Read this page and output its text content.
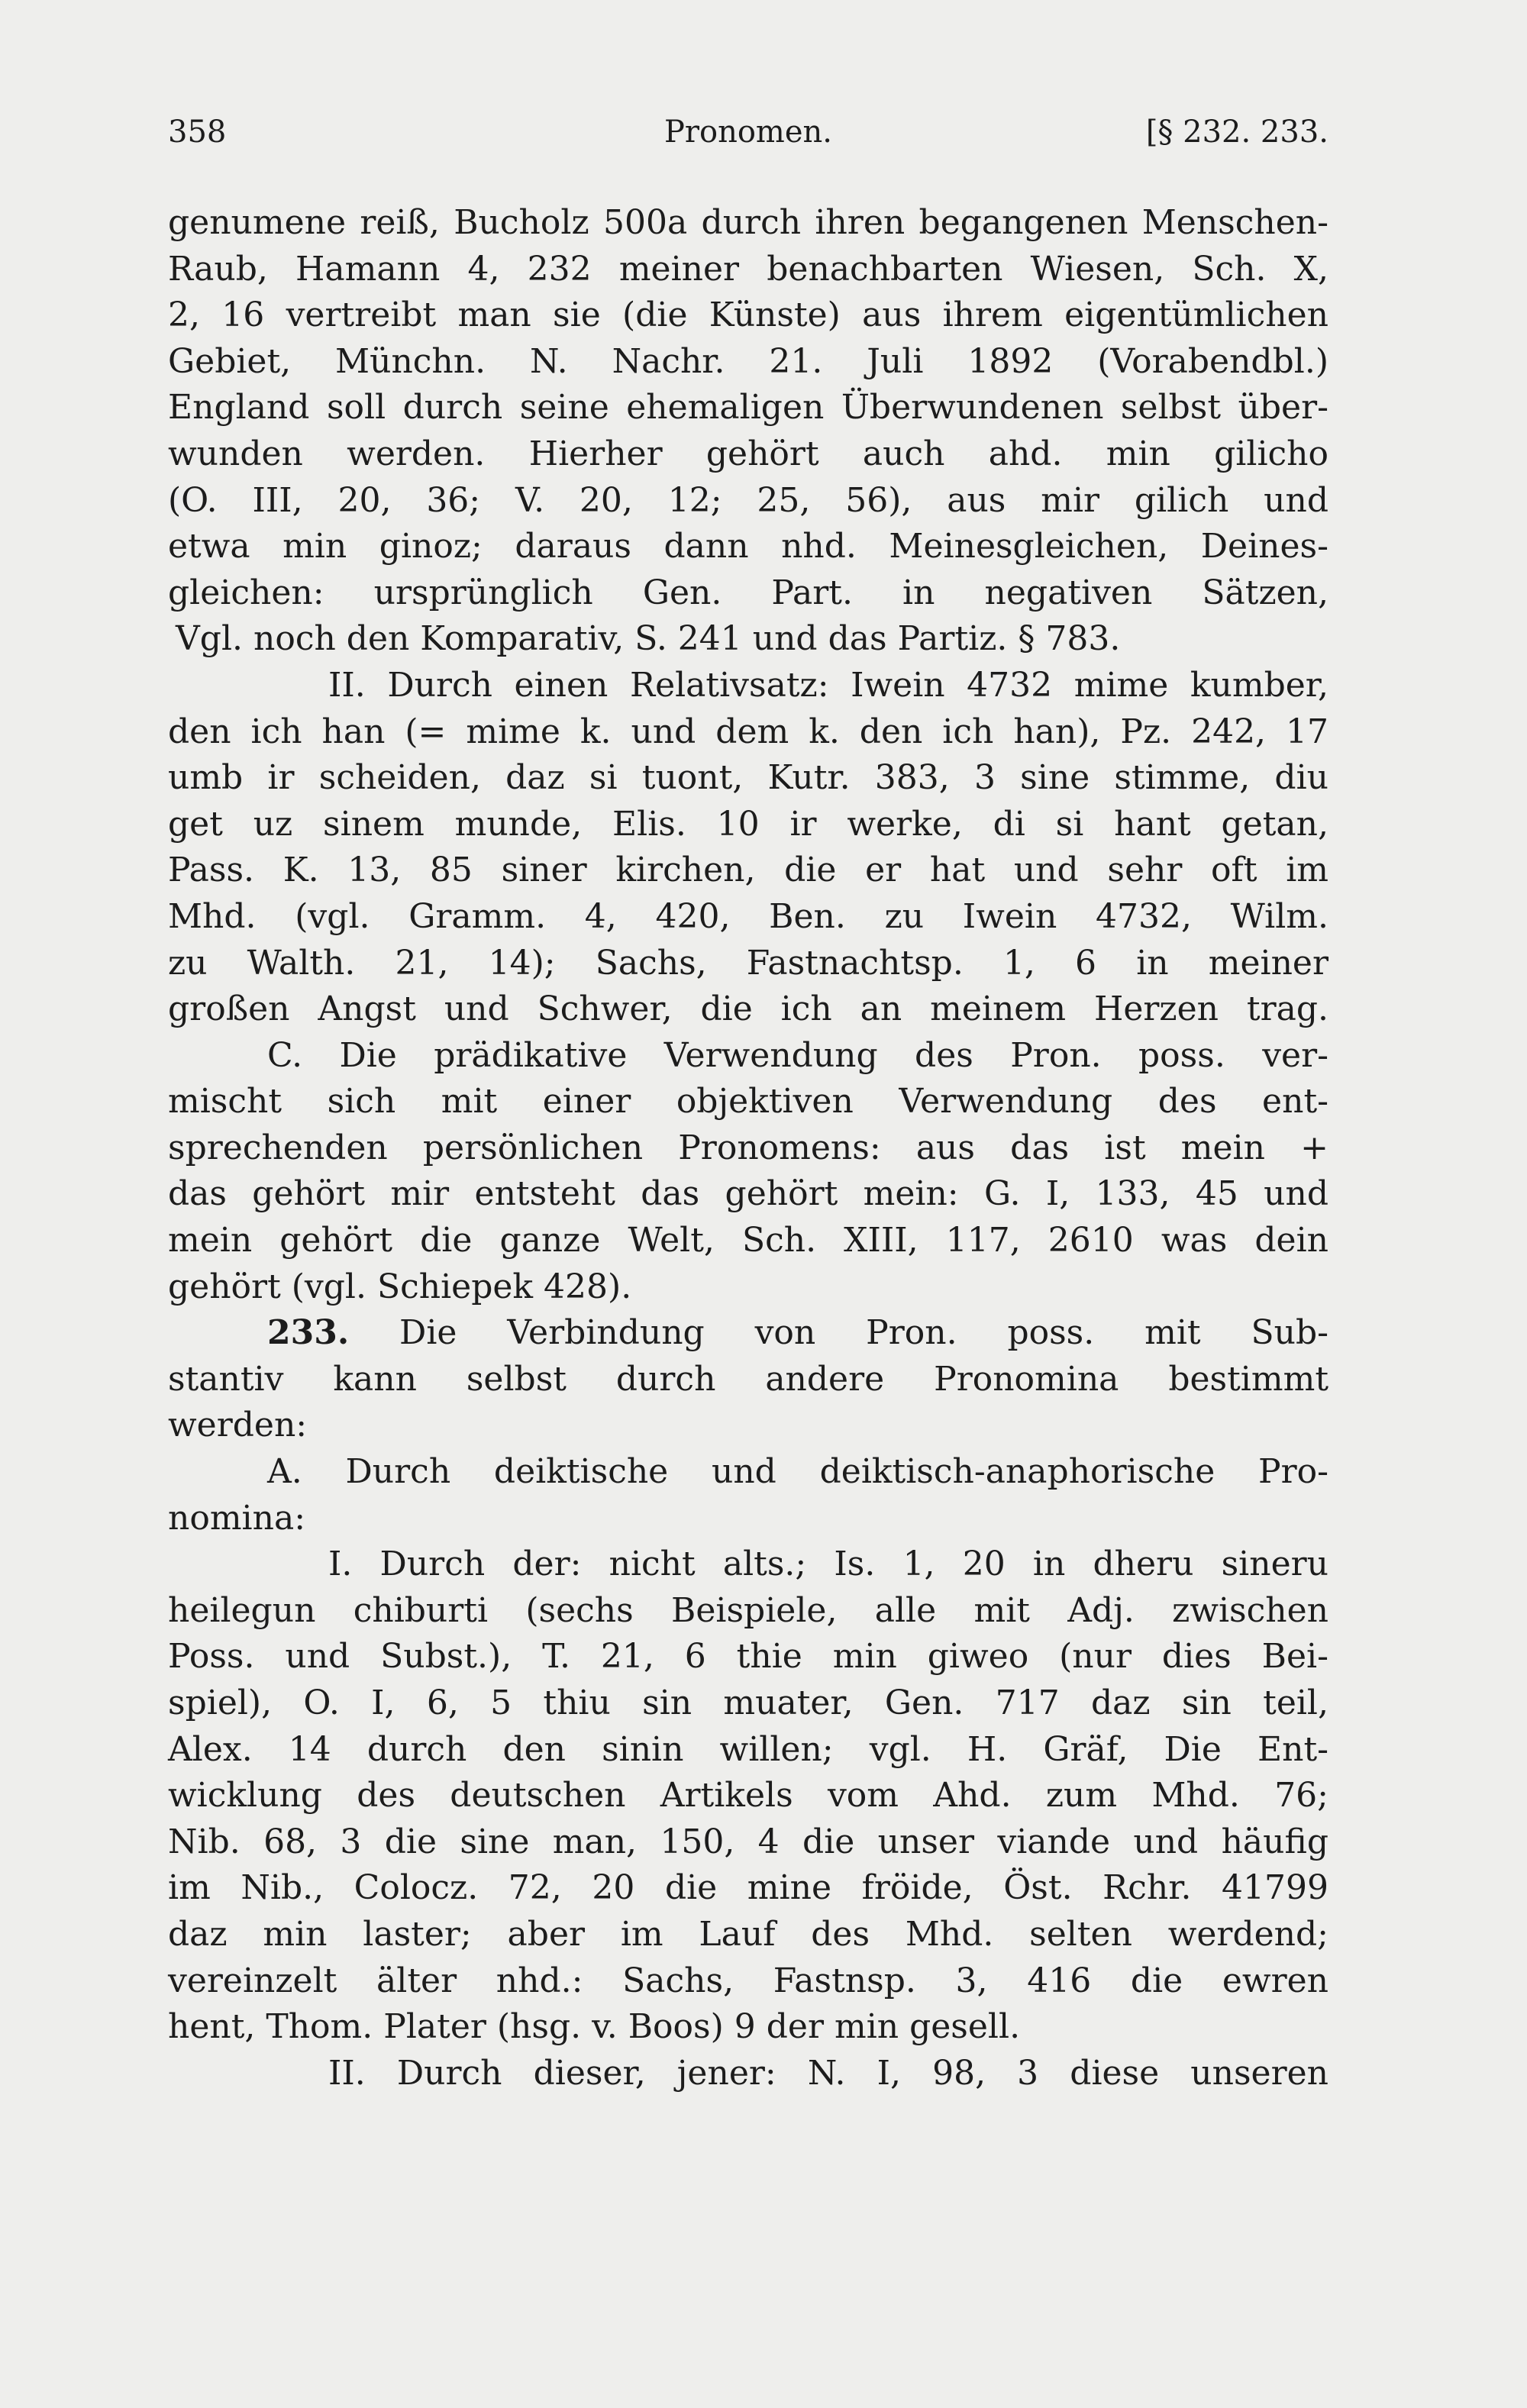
358	Pronomen.	[§ 232. 233.
genumene reiß, Bucholz 500a durch ihren begangenen Menschen-
Raub, Hamann 4, 232 meiner benachbarten Wiesen, Sch. X,
2, 16 vertreibt man sie (die Künste) aus ihrem eigentümlichen
Gebiet, Münchn. N. Nachr. 21. Juli 1892 (Vorabendbl.)
England soll durch seine ehemaligen Überwundenen selbst über-
wunden werden. Hierher gehört auch ahd. min gilicho
(O. III, 20, 36; V. 20, 12; 25, 56), aus mir gilich und
etwa min ginoz; daraus dann nhd. Meinesgleichen, Deines-
gleichen: ursprünglich Gen. Part. in negativen Sätzen,
Vgl. noch den Komparativ, S. 241 und das Partiz. § 783.
II. Durch einen Relativsatz: Iwein 4732 mime kumber,
den ich han (= mime k. und dem k. den ich han), Pz. 242, 17
umb ir scheiden, daz si tuont, Kutr. 383, 3 sine stimme, diu
get uz sinem munde, Elis. 10 ir werke, di si hant getan,
Pass. K. 13, 85 siner kirchen, die er hat und sehr oft im
Mhd. (vgl. Gramm. 4, 420, Ben. zu Iwein 4732, Wilm.
zu Walth. 21, 14); Sachs, Fastnachtsp. 1, 6 in meiner
großen Angst und Schwer, die ich an meinem Herzen trag.
C. Die prädikative Verwendung des Pron. poss. ver-
mischt sich mit einer objektiven Verwendung des ent-
sprechenden persönlichen Pronomens: aus das ist mein +
das gehört mir entsteht das gehört mein: G. I, 133, 45 und
mein gehört die ganze Welt, Sch. XIII, 117, 2610 was dein
gehört (vgl. Schiepek 428).
233. Die Verbindung von Pron. poss. mit Sub-
stantiv kann selbst durch andere Pronomina bestimmt
werden:
A. Durch deiktische und deiktisch-anaphorische Pro-
nomina:
I. Durch der: nicht alts.; Is. 1, 20 in dheru sineru
heilegun chiburti (sechs Beispiele, alle mit Adj. zwischen
Poss. und Subst.), T. 21, 6 thie min giweo (nur dies Bei-
spiel), O. I, 6, 5 thiu sin muater, Gen. 717 daz sin teil,
Alex. 14 durch den sinin willen; vgl. H. Gräf, Die Ent-
wicklung des deutschen Artikels vom Ahd. zum Mhd. 76;
Nib. 68, 3 die sine man, 150, 4 die unser viande und häufig
im Nib., Colocz. 72, 20 die mine fröide, Öst. Rchr. 41799
daz min laster; aber im Lauf des Mhd. selten werdend;
vereinzelt älter nhd.: Sachs, Fastnsp. 3, 416 die ewren
hent, Thom. Plater (hsg. v. Boos) 9 der min gesell.
II. Durch dieser, jener: N. I, 98, 3 diese unseren
